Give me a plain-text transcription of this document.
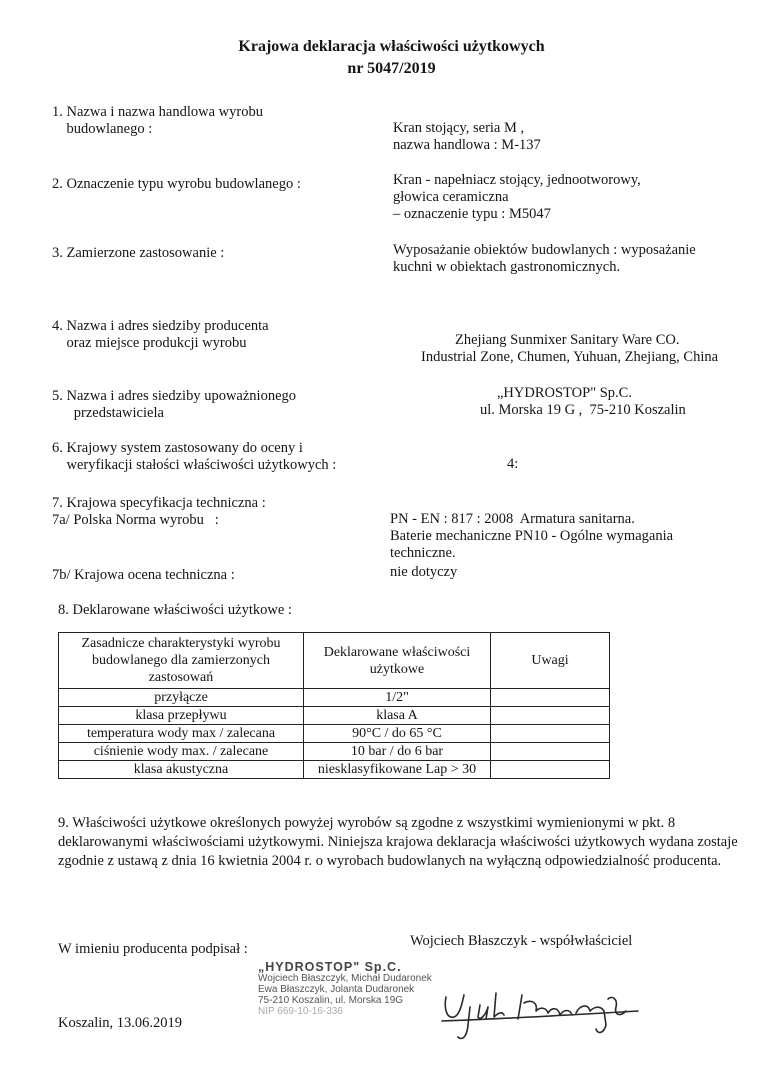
Krajowa deklaracja właściwości użytkowych
nr 5047/2019
1. Nazwa i nazwa handlowa wyrobu
budowlanego :	Kran stojący, seria M ,
nazwa handlowa : M-137
2. Oznaczenie typu wyrobu budowlanego :	Kran - napełniacz stojący, jednootworowy,
głowica ceramiczna
– oznaczenie typu : M5047
3. Zamierzone zastosowanie :	Wyposażanie obiektów budowlanych : wyposażanie
kuchni w obiektach gastronomicznych.
4. Nazwa i adres siedziby producenta
oraz miejsce produkcji wyrobu	Zhejiang Sunmixer Sanitary Ware CO.
Industrial Zone, Chumen, Yuhuan, Zhejiang, China
5. Nazwa i adres siedziby upoważnionego
przedstawiciela
„HYDROSTOP" Sp.C.
ul. Morska 19 G ,  75-210 Koszalin
6. Krajowy system zastosowany do oceny i
weryfikacji stałości właściwości użytkowych :	4:
7. Krajowa specyfikacja techniczna :
7a/ Polska Norma wyrobu   :	PN - EN : 817 : 2008  Armatura sanitarna.
Baterie mechaniczne PN10 - Ogólne wymagania
techniczne.
7b/ Krajowa ocena techniczna :	nie dotyczy
8. Deklarowane właściwości użytkowe :
Zasadnicze charakterystyki wyrobu
budowlanego dla zamierzonych
zastosowań	Deklarowane właściwości
użytkowe	Uwagi
przyłącze	1/2"	
klasa przepływu	klasa A	
temperatura wody max / zalecana	90°C / do 65 °C	
ciśnienie wody max. / zalecane	10 bar / do 6 bar	
klasa akustyczna	niesklasyfikowane Lap > 30	
9. Właściwości użytkowe określonych powyżej wyrobów są zgodne z wszystkimi wymienionymi w pkt. 8 deklarowanymi właściwościami użytkowymi. Niniejsza krajowa deklaracja właściwości użytkowych wydana zostaje zgodnie z ustawą z dnia 16 kwietnia 2004 r. o wyrobach budowlanych na wyłączną odpowiedzialność producenta.
Wojciech Błaszczyk - współwłaściciel
W imieniu producenta podpisał :
„HYDROSTOP" Sp.C.
Wojciech Błaszczyk, Michał Dudaronek
Ewa Błaszczyk, Jolanta Dudaronek
75-210 Koszalin, ul. Morska 19G
NIP 669-10-16-336
Koszalin, 13.06.2019
